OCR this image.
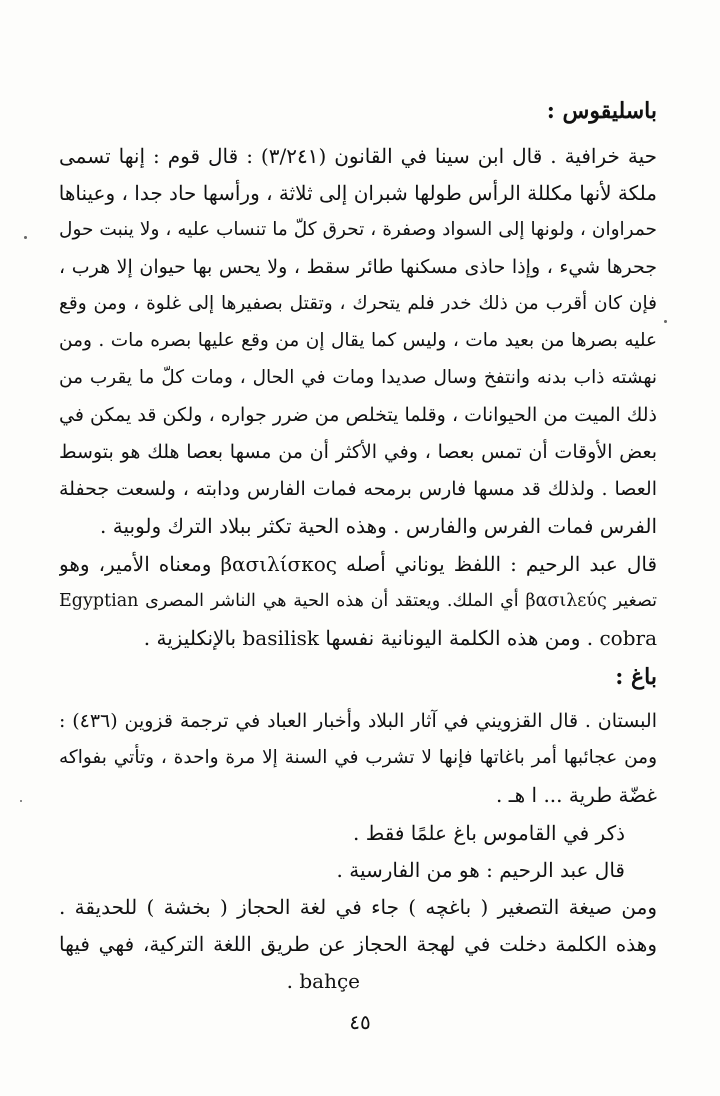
باسليقوس :
حية خرافية . قال ابن سينا في القانون (٣/٢٤١) : قال قوم : إنها تسمى
ملكة لأنها مكللة الرأس طولها شبران إلى ثلاثة ، ورأسها حاد جدا ، وعيناها
حمراوان ، ولونها إلى السواد وصفرة ، تحرق كلّ ما تنساب عليه ، ولا ينبت حول
جحرها شيء ، وإذا حاذى مسكنها طائر سقط ، ولا يحس بها حيوان إلا هرب ،
فإن كان أقرب من ذلك خدر فلم يتحرك ، وتقتل بصفيرها إلى غلوة ، ومن وقع
عليه بصرها من بعيد مات ، وليس كما يقال إن من وقع عليها بصره مات . ومن
نهشته ذاب بدنه وانتفخ وسال صديدا ومات في الحال ، ومات كلّ ما يقرب من
ذلك الميت من الحيوانات ، وقلما يتخلص من ضرر جواره ، ولكن قد يمكن في
بعض الأوقات أن تمس بعصا ، وفي الأكثر أن من مسها بعصا هلك هو بتوسط
العصا . ولذلك قد مسها فارس برمحه فمات الفارس ودابته ، ولسعت جحفلة
الفرس فمات الفرس والفارس . وهذه الحية تكثر ببلاد الترك ولوبية .
قال عبد الرحيم : اللفظ يوناني أصله βασιλίσκος ومعناه الأمير، وهو
تصغير βασιλεύς أي الملك. ويعتقد أن هذه الحية هي الناشر المصرى Egyptian
cobra . ومن هذه الكلمة اليونانية نفسها basilisk بالإنكليزية .
باغ :
البستان . قال القزويني في آثار البلاد وأخبار العباد في ترجمة قزوين (٤٣٦) :
ومن عجائبها أمر باغاتها فإنها لا تشرب في السنة إلا مرة واحدة ، وتأتي بفواكه
غضّة طرية ... ا هـ .
ذكر في القاموس باغ علمًا فقط .
قال عبد الرحيم : هو من الفارسية .
ومن صيغة التصغير ( باغچه ) جاء في لغة الحجاز ( بخشة ) للحديقة .
وهذه الكلمة دخلت في لهجة الحجاز عن طريق اللغة التركية، فهي فيها
. bahçe
٤٥
